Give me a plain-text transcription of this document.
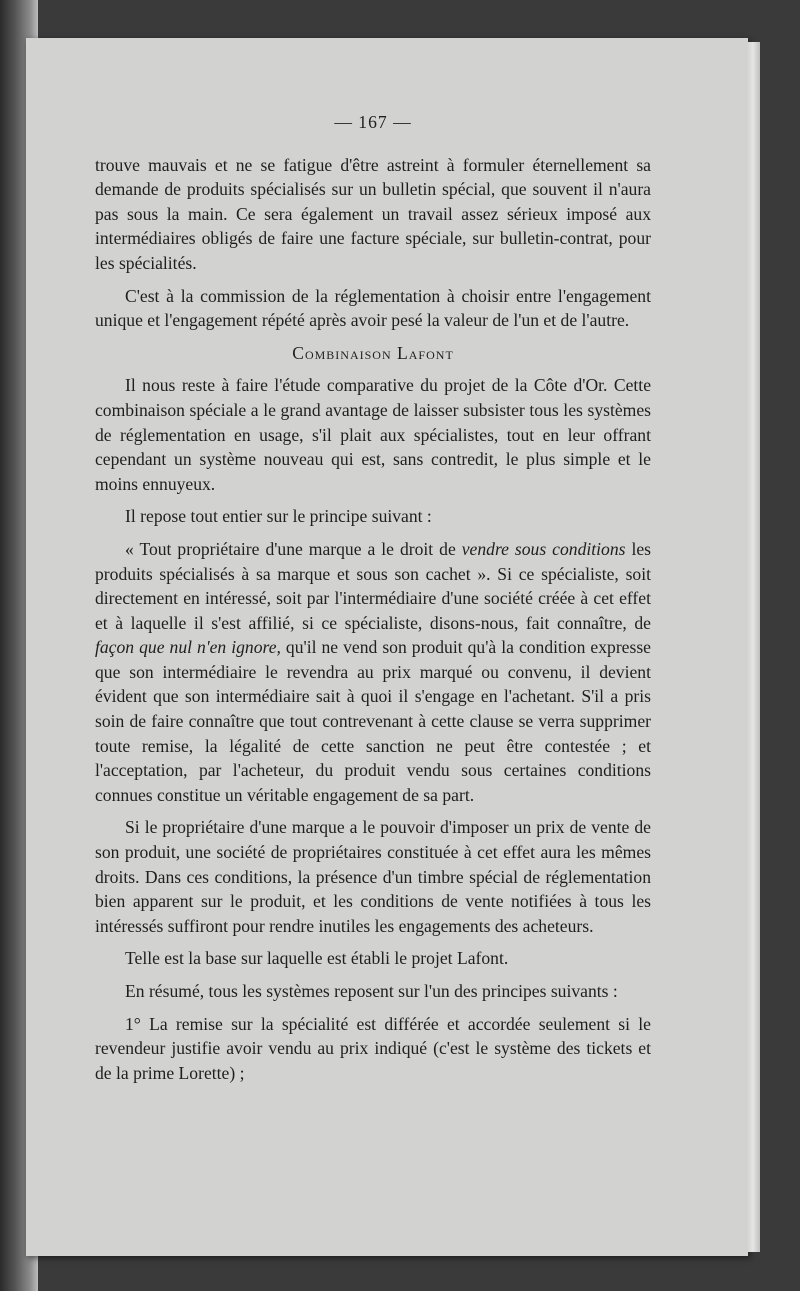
— 167 —

trouve mauvais et ne se fatigue d'être astreint à formuler éternellement sa demande de produits spécialisés sur un bulletin spécial, que souvent il n'aura pas sous la main. Ce sera également un travail assez sérieux imposé aux intermédiaires obligés de faire une facture spéciale, sur bulletin-contrat, pour les spécialités.

C'est à la commission de la réglementation à choisir entre l'engagement unique et l'engagement répété après avoir pesé la valeur de l'un et de l'autre.

Combinaison Lafont

Il nous reste à faire l'étude comparative du projet de la Côte d'Or. Cette combinaison spéciale a le grand avantage de laisser subsister tous les systèmes de réglementation en usage, s'il plait aux spécialistes, tout en leur offrant cependant un système nouveau qui est, sans contredit, le plus simple et le moins ennuyeux.

Il repose tout entier sur le principe suivant :

« Tout propriétaire d'une marque a le droit de vendre sous conditions les produits spécialisés à sa marque et sous son cachet ». Si ce spécialiste, soit directement en intéressé, soit par l'intermédiaire d'une société créée à cet effet et à laquelle il s'est affilié, si ce spécialiste, disons-nous, fait connaître, de façon que nul n'en ignore, qu'il ne vend son produit qu'à la condition expresse que son intermédiaire le revendra au prix marqué ou convenu, il devient évident que son intermédiaire sait à quoi il s'engage en l'achetant. S'il a pris soin de faire connaître que tout contrevenant à cette clause se verra supprimer toute remise, la légalité de cette sanction ne peut être contestée ; et l'acceptation, par l'acheteur, du produit vendu sous certaines conditions connues constitue un véritable engagement de sa part.

Si le propriétaire d'une marque a le pouvoir d'imposer un prix de vente de son produit, une société de propriétaires constituée à cet effet aura les mêmes droits. Dans ces conditions, la présence d'un timbre spécial de réglementation bien apparent sur le produit, et les conditions de vente notifiées à tous les intéressés suffiront pour rendre inutiles les engagements des acheteurs.

Telle est la base sur laquelle est établi le projet Lafont.

En résumé, tous les systèmes reposent sur l'un des principes suivants :

1° La remise sur la spécialité est différée et accordée seulement si le revendeur justifie avoir vendu au prix indiqué (c'est le système des tickets et de la prime Lorette) ;
